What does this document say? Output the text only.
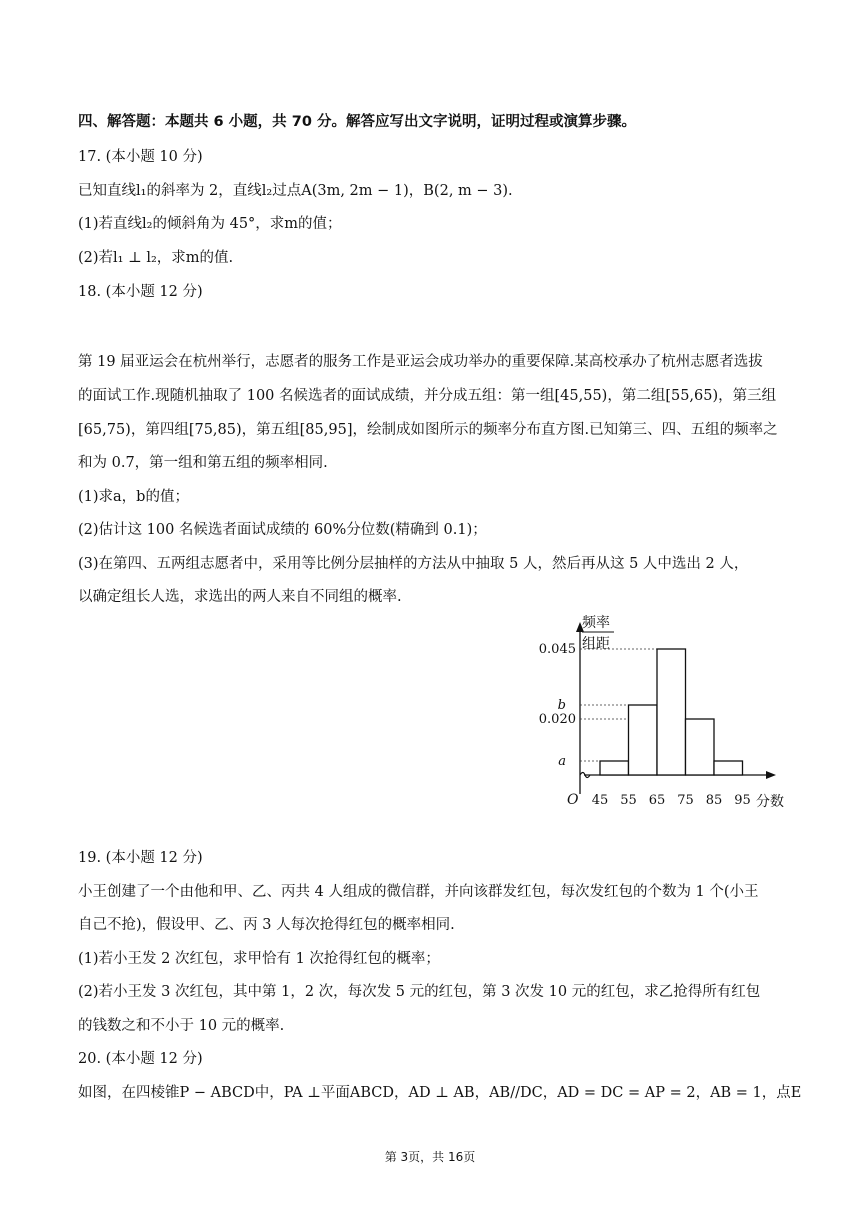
四、解答题：本题共 6 小题，共 70 分。解答应写出文字说明，证明过程或演算步骤。
17. (本小题 10 分)
已知直线l₁的斜率为 2，直线l₂过点A(3m, 2m − 1)，B(2, m − 3).
(1)若直线l₂的倾斜角为 45°，求m的值；
(2)若l₁ ⊥ l₂，求m的值.
18. (本小题 12 分)
第 19 届亚运会在杭州举行，志愿者的服务工作是亚运会成功举办的重要保障.某高校承办了杭州志愿者选拔
的面试工作.现随机抽取了 100 名候选者的面试成绩，并分成五组：第一组[45,55)，第二组[55,65)，第三组
[65,75)，第四组[75,85)，第五组[85,95]，绘制成如图所示的频率分布直方图.已知第三、四、五组的频率之
和为 0.7，第一组和第五组的频率相同.
(1)求a，b的值；
(2)估计这 100 名候选者面试成绩的 60%分位数(精确到 0.1)；
(3)在第四、五两组志愿者中，采用等比例分层抽样的方法从中抽取 5 人，然后再从这 5 人中选出 2 人，
以确定组长人选，求选出的两人来自不同组的概率.
频率
组距
O	分数
a
b
0.045
0.020
45 55 65 75 85 95
19. (本小题 12 分)
小王创建了一个由他和甲、乙、丙共 4 人组成的微信群，并向该群发红包，每次发红包的个数为 1 个(小王
自己不抢)，假设甲、乙、丙 3 人每次抢得红包的概率相同.
(1)若小王发 2 次红包，求甲恰有 1 次抢得红包的概率；
(2)若小王发 3 次红包，其中第 1，2 次，每次发 5 元的红包，第 3 次发 10 元的红包，求乙抢得所有红包
的钱数之和不小于 10 元的概率.
20. (本小题 12 分)
如图，在四棱锥P − ABCD中，PA ⊥平面ABCD，AD ⊥ AB，AB//DC，AD = DC = AP = 2，AB = 1，点E
第 3页，共 16页
